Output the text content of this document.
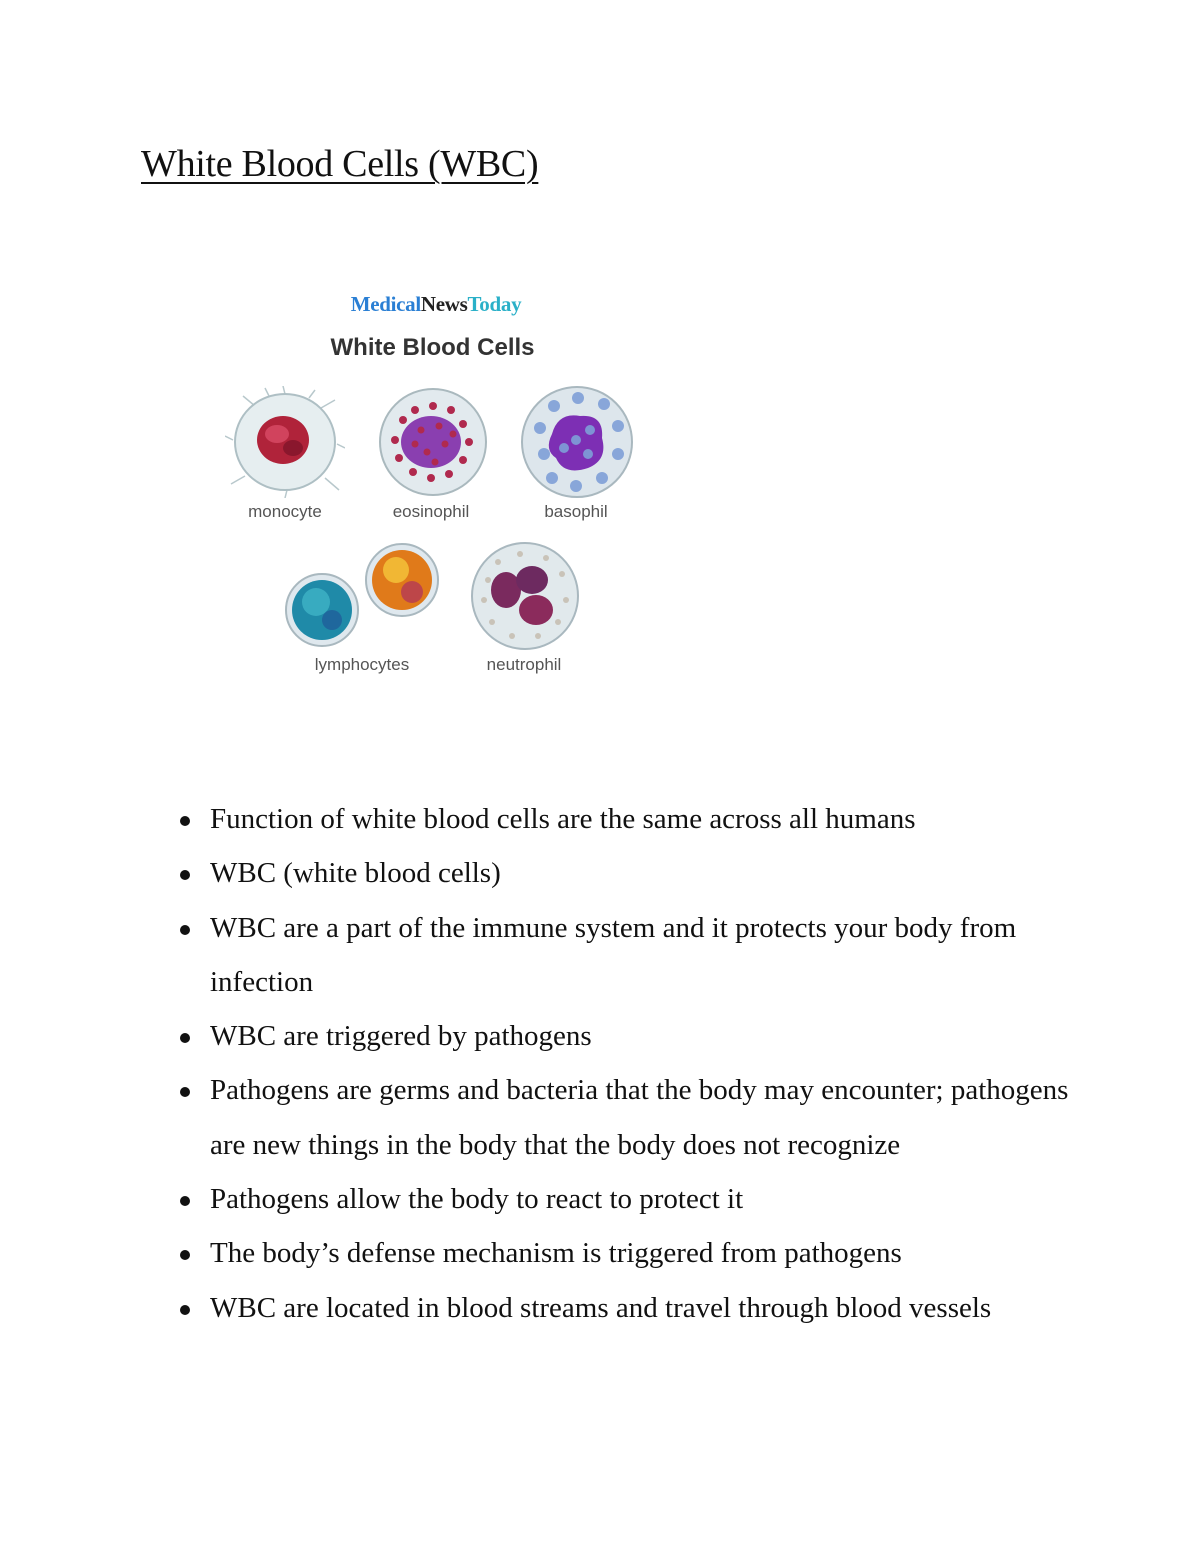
White Blood Cells (WBC)
MedicalNewsToday
White Blood Cells
monocyte	eosinophil	basophil
lymphocytes	neutrophil
Function of white blood cells are the same across all humans
WBC (white blood cells)
WBC are a part of the immune system and it protects your body from infection
WBC are triggered by pathogens
Pathogens are germs and bacteria that the body may encounter; pathogens are new things in the body that the body does not recognize
Pathogens allow the body to react to protect it
The body’s defense mechanism is triggered from pathogens
WBC are located in blood streams and travel through blood vessels
